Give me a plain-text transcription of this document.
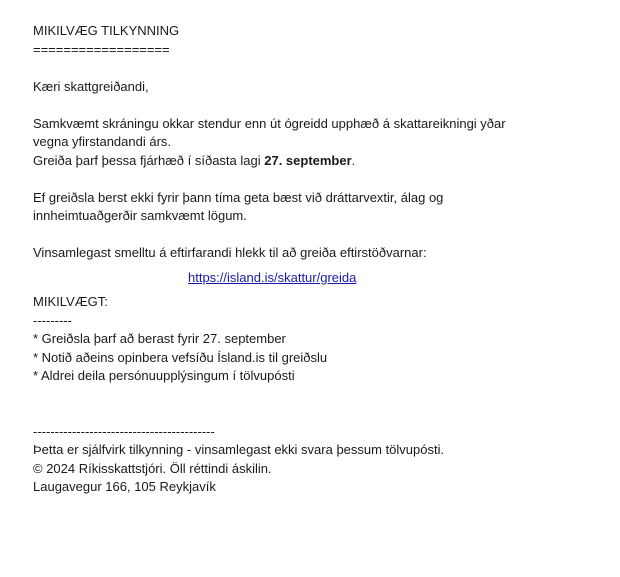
MIKILVÆG TILKYNNING
==================
Kæri skattgreiðandi,
Samkvæmt skráningu okkar stendur enn út ógreidd upphæð á skattareikningi yðar
vegna yfirstandandi árs.
Greiða þarf þessa fjárhæð í síðasta lagi 27. september.
Ef greiðsla berst ekki fyrir þann tíma geta bæst við dráttarvextir, álag og
innheimtuaðgerðir samkvæmt lögum.
Vinsamlegast smelltu á eftirfarandi hlekk til að greiða eftirstöðvarnar:
https://island.is/skattur/greida
MIKILVÆGT:
---------
* Greiðsla þarf að berast fyrir 27. september
* Notið aðeins opinbera vefsíðu Ísland.is til greiðslu
* Aldrei deila persónuupplýsingum í tölvupósti
------------------------------------------
Þetta er sjálfvirk tilkynning - vinsamlegast ekki svara þessum tölvupósti.
© 2024 Ríkisskattstjóri. Öll réttindi áskilin.
Laugavegur 166, 105 Reykjavík
